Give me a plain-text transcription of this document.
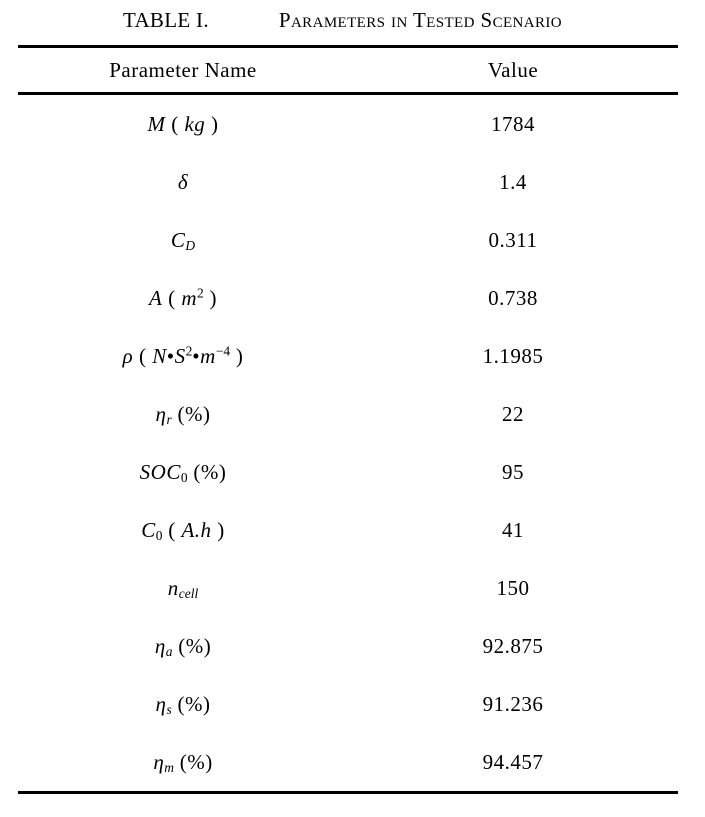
TABLE I.	Parameters in Tested Scenario
Parameter Name	Value
M ( kg )	1784
δ	1.4
$C_D$	0.311
A ( $m^2$ )	0.738
ρ ( $N•S^2•m^{-4}$ )	1.1985
$\eta_r$ (%)	22
$SOC_0$ (%)	95
$C_0$ ( A.h )	41
$n_{cell}$	150
$\eta_a$ (%)	92.875
$\eta_s$ (%)	91.236
$\eta_m$ (%)	94.457
